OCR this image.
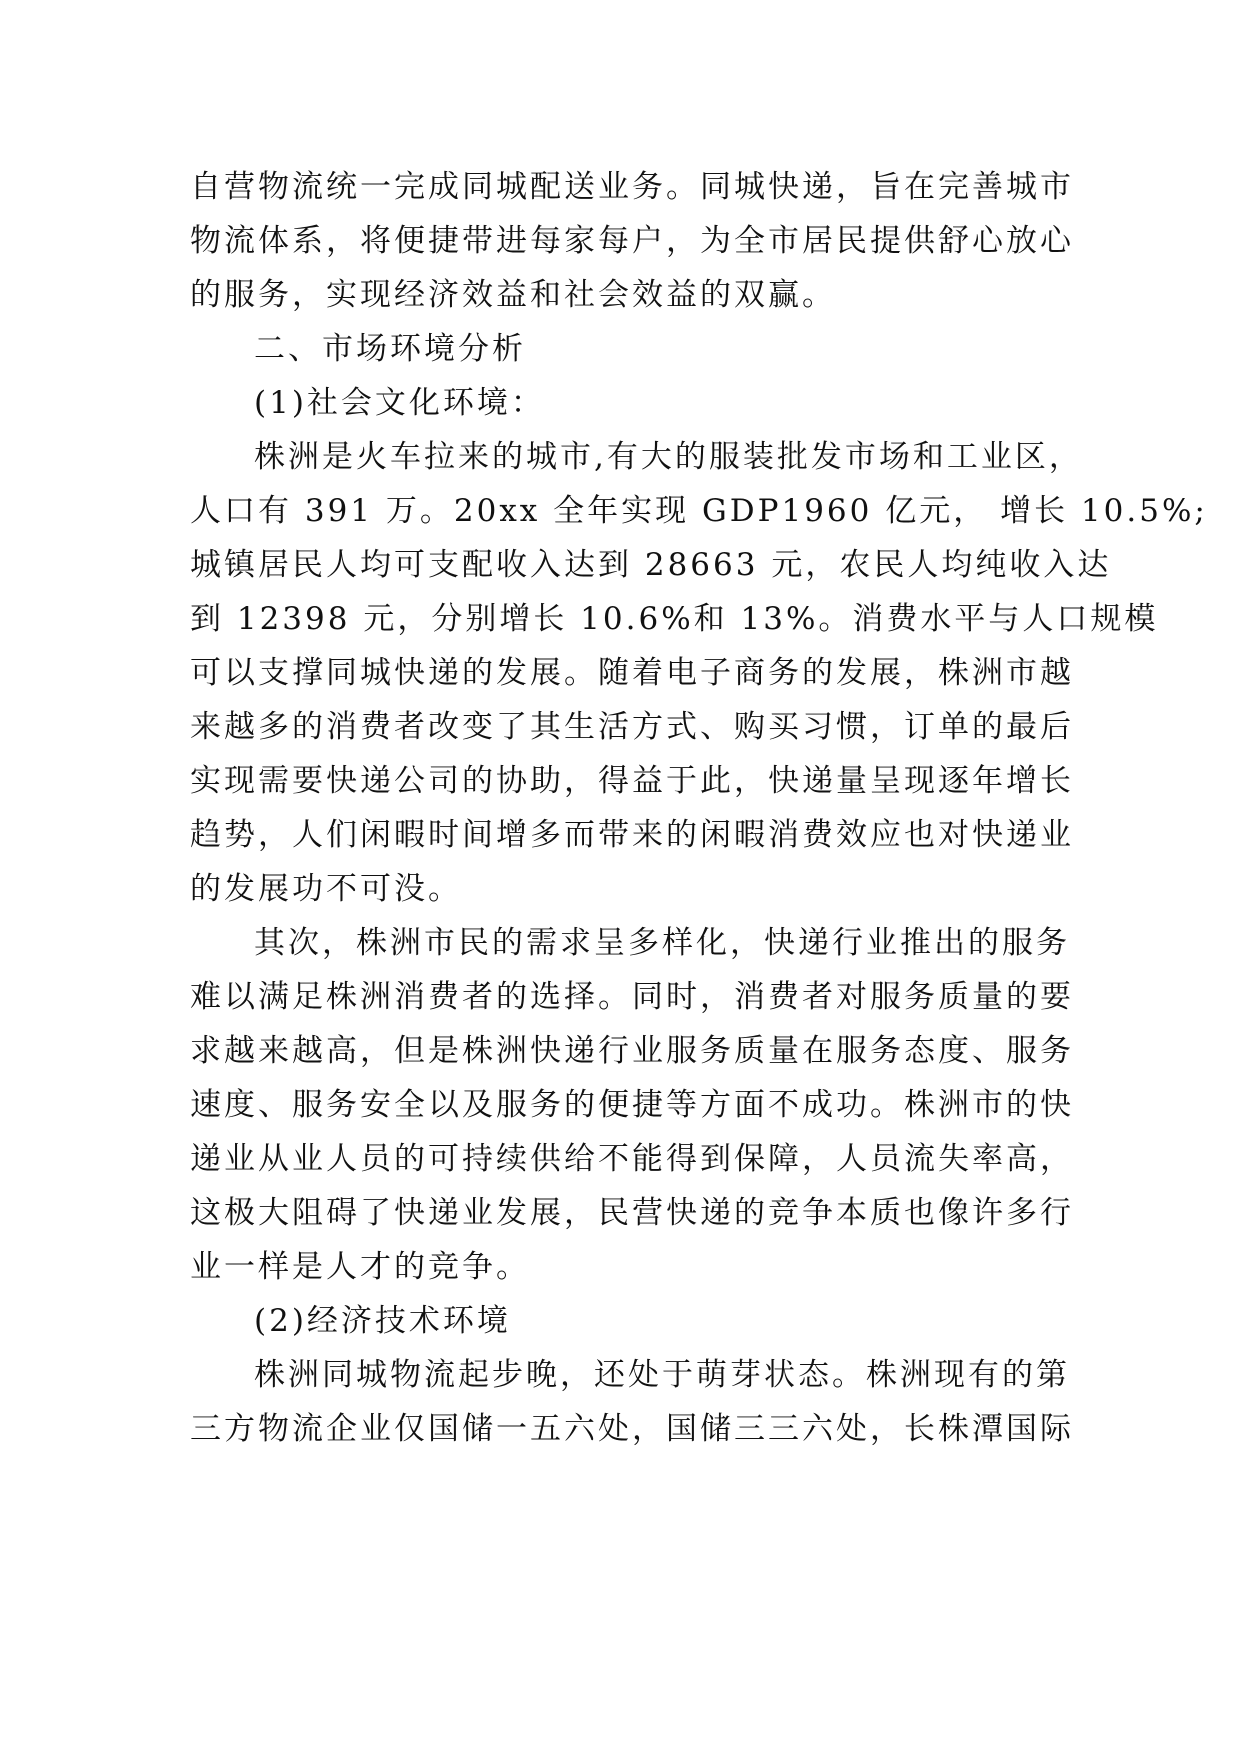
自营物流统一完成同城配送业务。同城快递，旨在完善城市
物流体系，将便捷带进每家每户，为全市居民提供舒心放心
的服务，实现经济效益和社会效益的双赢。
二、市场环境分析
(1)社会文化环境：
株洲是火车拉来的城市,有大的服装批发市场和工业区，
人口有 391 万。20xx 全年实现 GDP1960 亿元， 增长 10.5%;
城镇居民人均可支配收入达到 28663 元，农民人均纯收入达
到 12398 元，分别增长 10.6%和 13%。消费水平与人口规模
可以支撑同城快递的发展。随着电子商务的发展，株洲市越
来越多的消费者改变了其生活方式、购买习惯，订单的最后
实现需要快递公司的协助，得益于此，快递量呈现逐年增长
趋势，人们闲暇时间增多而带来的闲暇消费效应也对快递业
的发展功不可没。
其次，株洲市民的需求呈多样化，快递行业推出的服务
难以满足株洲消费者的选择。同时，消费者对服务质量的要
求越来越高，但是株洲快递行业服务质量在服务态度、服务
速度、服务安全以及服务的便捷等方面不成功。株洲市的快
递业从业人员的可持续供给不能得到保障，人员流失率高，
这极大阻碍了快递业发展，民营快递的竞争本质也像许多行
业一样是人才的竞争。
(2)经济技术环境
株洲同城物流起步晚，还处于萌芽状态。株洲现有的第
三方物流企业仅国储一五六处，国储三三六处，长株潭国际
